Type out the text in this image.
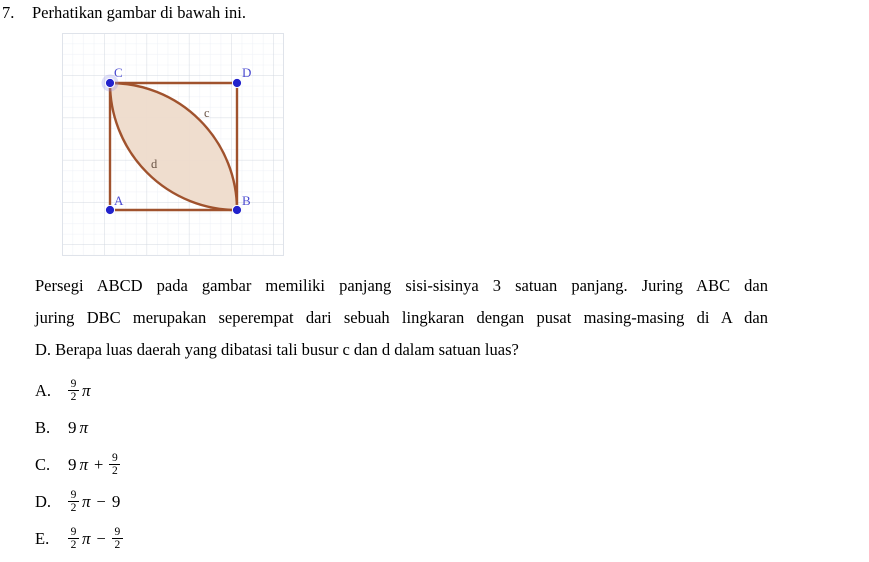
7.	Perhatikan gambar di bawah ini.
A	B
C	D
c
d
Persegi ABCD pada gambar memiliki panjang sisi-sisinya 3 satuan panjang. Juring ABC dan
juring DBC merupakan seperempat dari sebuah lingkaran dengan pusat masing-masing di A dan
D. Berapa luas daerah yang dibatasi tali busur c dan d dalam satuan luas?
A.	$\frac{9}{2}$ π
B.	9 π
C.	9 $\pi + \frac{9}{2}$
D.	$\frac{9}{2}$ π − 9
E.	$\frac{9}{2}$ $\pi - \frac{9}{2}$
